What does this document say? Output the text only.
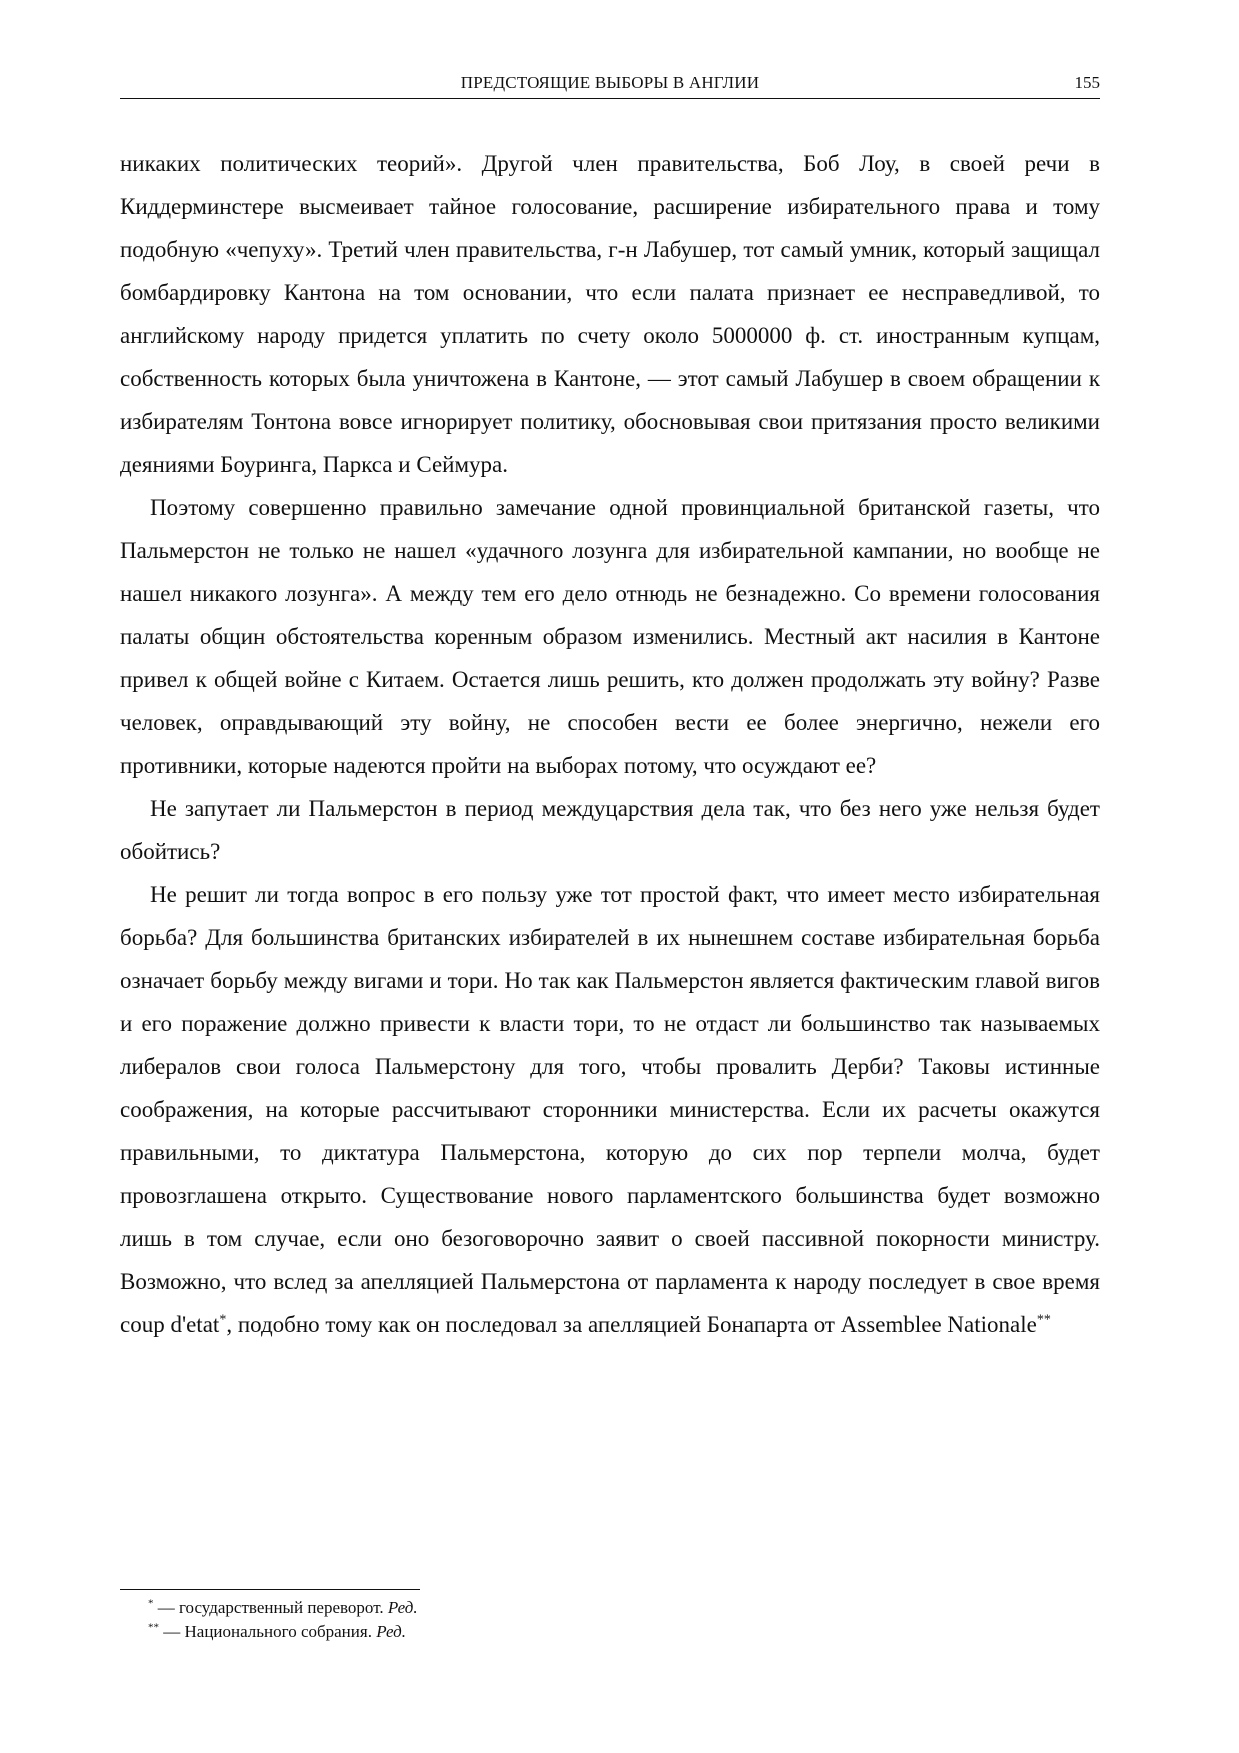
ПРЕДСТОЯЩИЕ ВЫБОРЫ В АНГЛИИ	155

никаких политических теорий». Другой член правительства, Боб Лоу, в своей речи в Киддерминстере высмеивает тайное голосование, расширение избирательного права и тому подобную «чепуху». Третий член правительства, г-н Лабушер, тот самый умник, который защищал бомбардировку Кантона на том основании, что если палата признает ее несправедливой, то английскому народу придется уплатить по счету около 5000000 ф. ст. иностранным купцам, собственность которых была уничтожена в Кантоне, — этот самый Лабушер в своем обращении к избирателям Тонтона вовсе игнорирует политику, обосновывая свои притязания просто великими деяниями Боуринга, Паркса и Сеймура.

Поэтому совершенно правильно замечание одной провинциальной британской газеты, что Пальмерстон не только не нашел «удачного лозунга для избирательной кампании, но вообще не нашел никакого лозунга». А между тем его дело отнюдь не безнадежно. Со времени голосования палаты общин обстоятельства коренным образом изменились. Местный акт насилия в Кантоне привел к общей войне с Китаем. Остается лишь решить, кто должен продолжать эту войну? Разве человек, оправдывающий эту войну, не способен вести ее более энергично, нежели его противники, которые надеются пройти на выборах потому, что осуждают ее?

Не запутает ли Пальмерстон в период междуцарствия дела так, что без него уже нельзя будет обойтись?

Не решит ли тогда вопрос в его пользу уже тот простой факт, что имеет место избирательная борьба? Для большинства британских избирателей в их нынешнем составе избирательная борьба означает борьбу между вигами и тори. Но так как Пальмерстон является фактическим главой вигов и его поражение должно привести к власти тори, то не отдаст ли большинство так называемых либералов свои голоса Пальмерстону для того, чтобы провалить Дерби? Таковы истинные соображения, на которые рассчитывают сторонники министерства. Если их расчеты окажутся правильными, то диктатура Пальмерстона, которую до сих пор терпели молча, будет провозглашена открыто. Существование нового парламентского большинства будет возможно лишь в том случае, если оно безоговорочно заявит о своей пассивной покорности министру. Возможно, что вслед за апелляцией Пальмерстона от парламента к народу последует в свое время coup d'etat*, подобно тому как он последовал за апелляцией Бонапарта от Assemblee Nationale**

* — государственный переворот. Ред.
** — Национального собрания. Ред.
